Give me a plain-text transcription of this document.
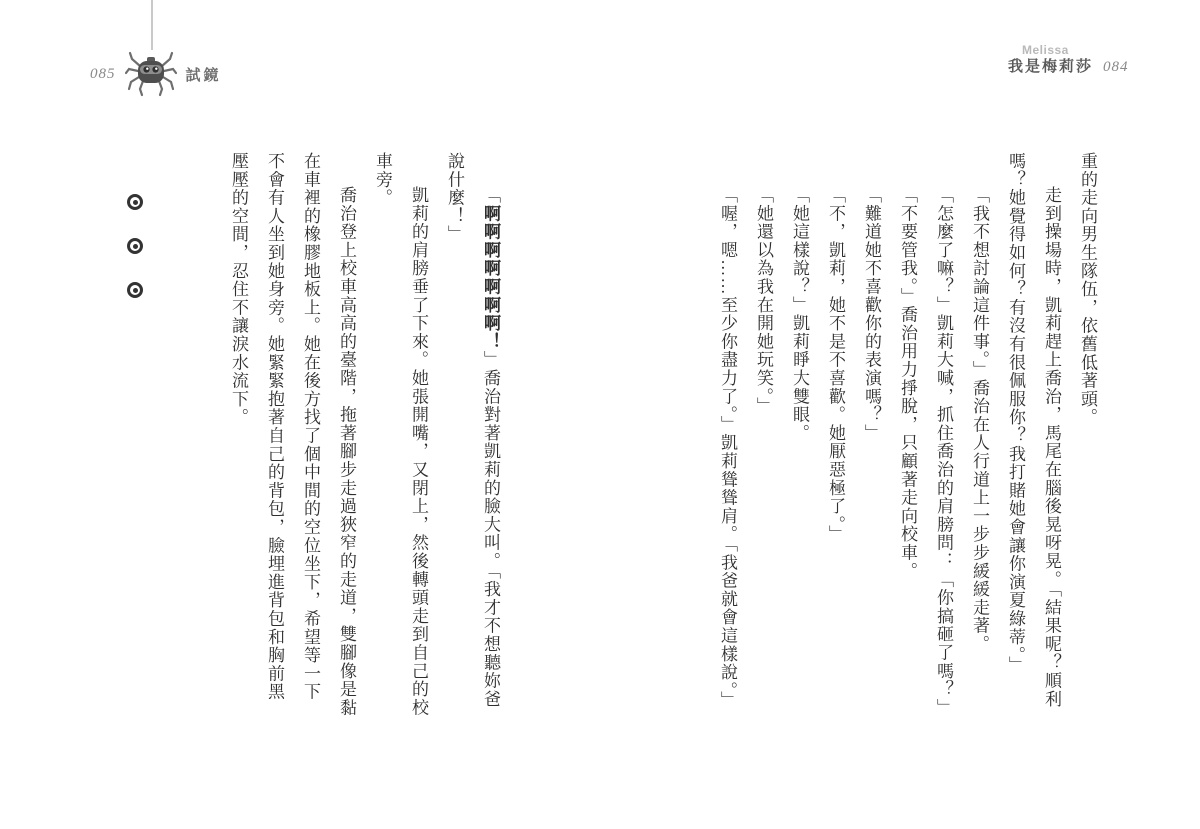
085	試鏡
Melissa
我是梅莉莎 084

重的走向男生隊伍，依舊低著頭。

走到操場時，凱莉趕上喬治，馬尾在腦後晃呀晃。「結果呢？順利嗎？她覺得如何？有沒有很佩服你？我打賭她會讓你演夏綠蒂。」

「我不想討論這件事。」喬治在人行道上一步步緩緩走著。

「怎麼了嘛？」凱莉大喊，抓住喬治的肩膀問：「你搞砸了嗎？」

「不要管我。」喬治用力掙脫，只顧著走向校車。

「難道她不喜歡你的表演嗎？」

「不，凱莉，她不是不喜歡。她厭惡極了。」

「她這樣說？」凱莉睜大雙眼。

「她還以為我在開她玩笑。」

「喔，嗯……至少你盡力了。」凱莉聳聳肩。「我爸就會這樣說。」

「啊啊啊啊啊啊啊！」喬治對著凱莉的臉大叫。「我才不想聽妳爸說什麼！」

凱莉的肩膀垂了下來。她張開嘴，又閉上，然後轉頭走到自己的校車旁。

喬治登上校車高高的臺階，拖著腳步走過狹窄的走道，雙腳像是黏在車裡的橡膠地板上。她在後方找了個中間的空位坐下，希望等一下不會有人坐到她身旁。她緊緊抱著自己的背包，臉埋進背包和胸前黑壓壓的空間，忍住不讓淚水流下。
